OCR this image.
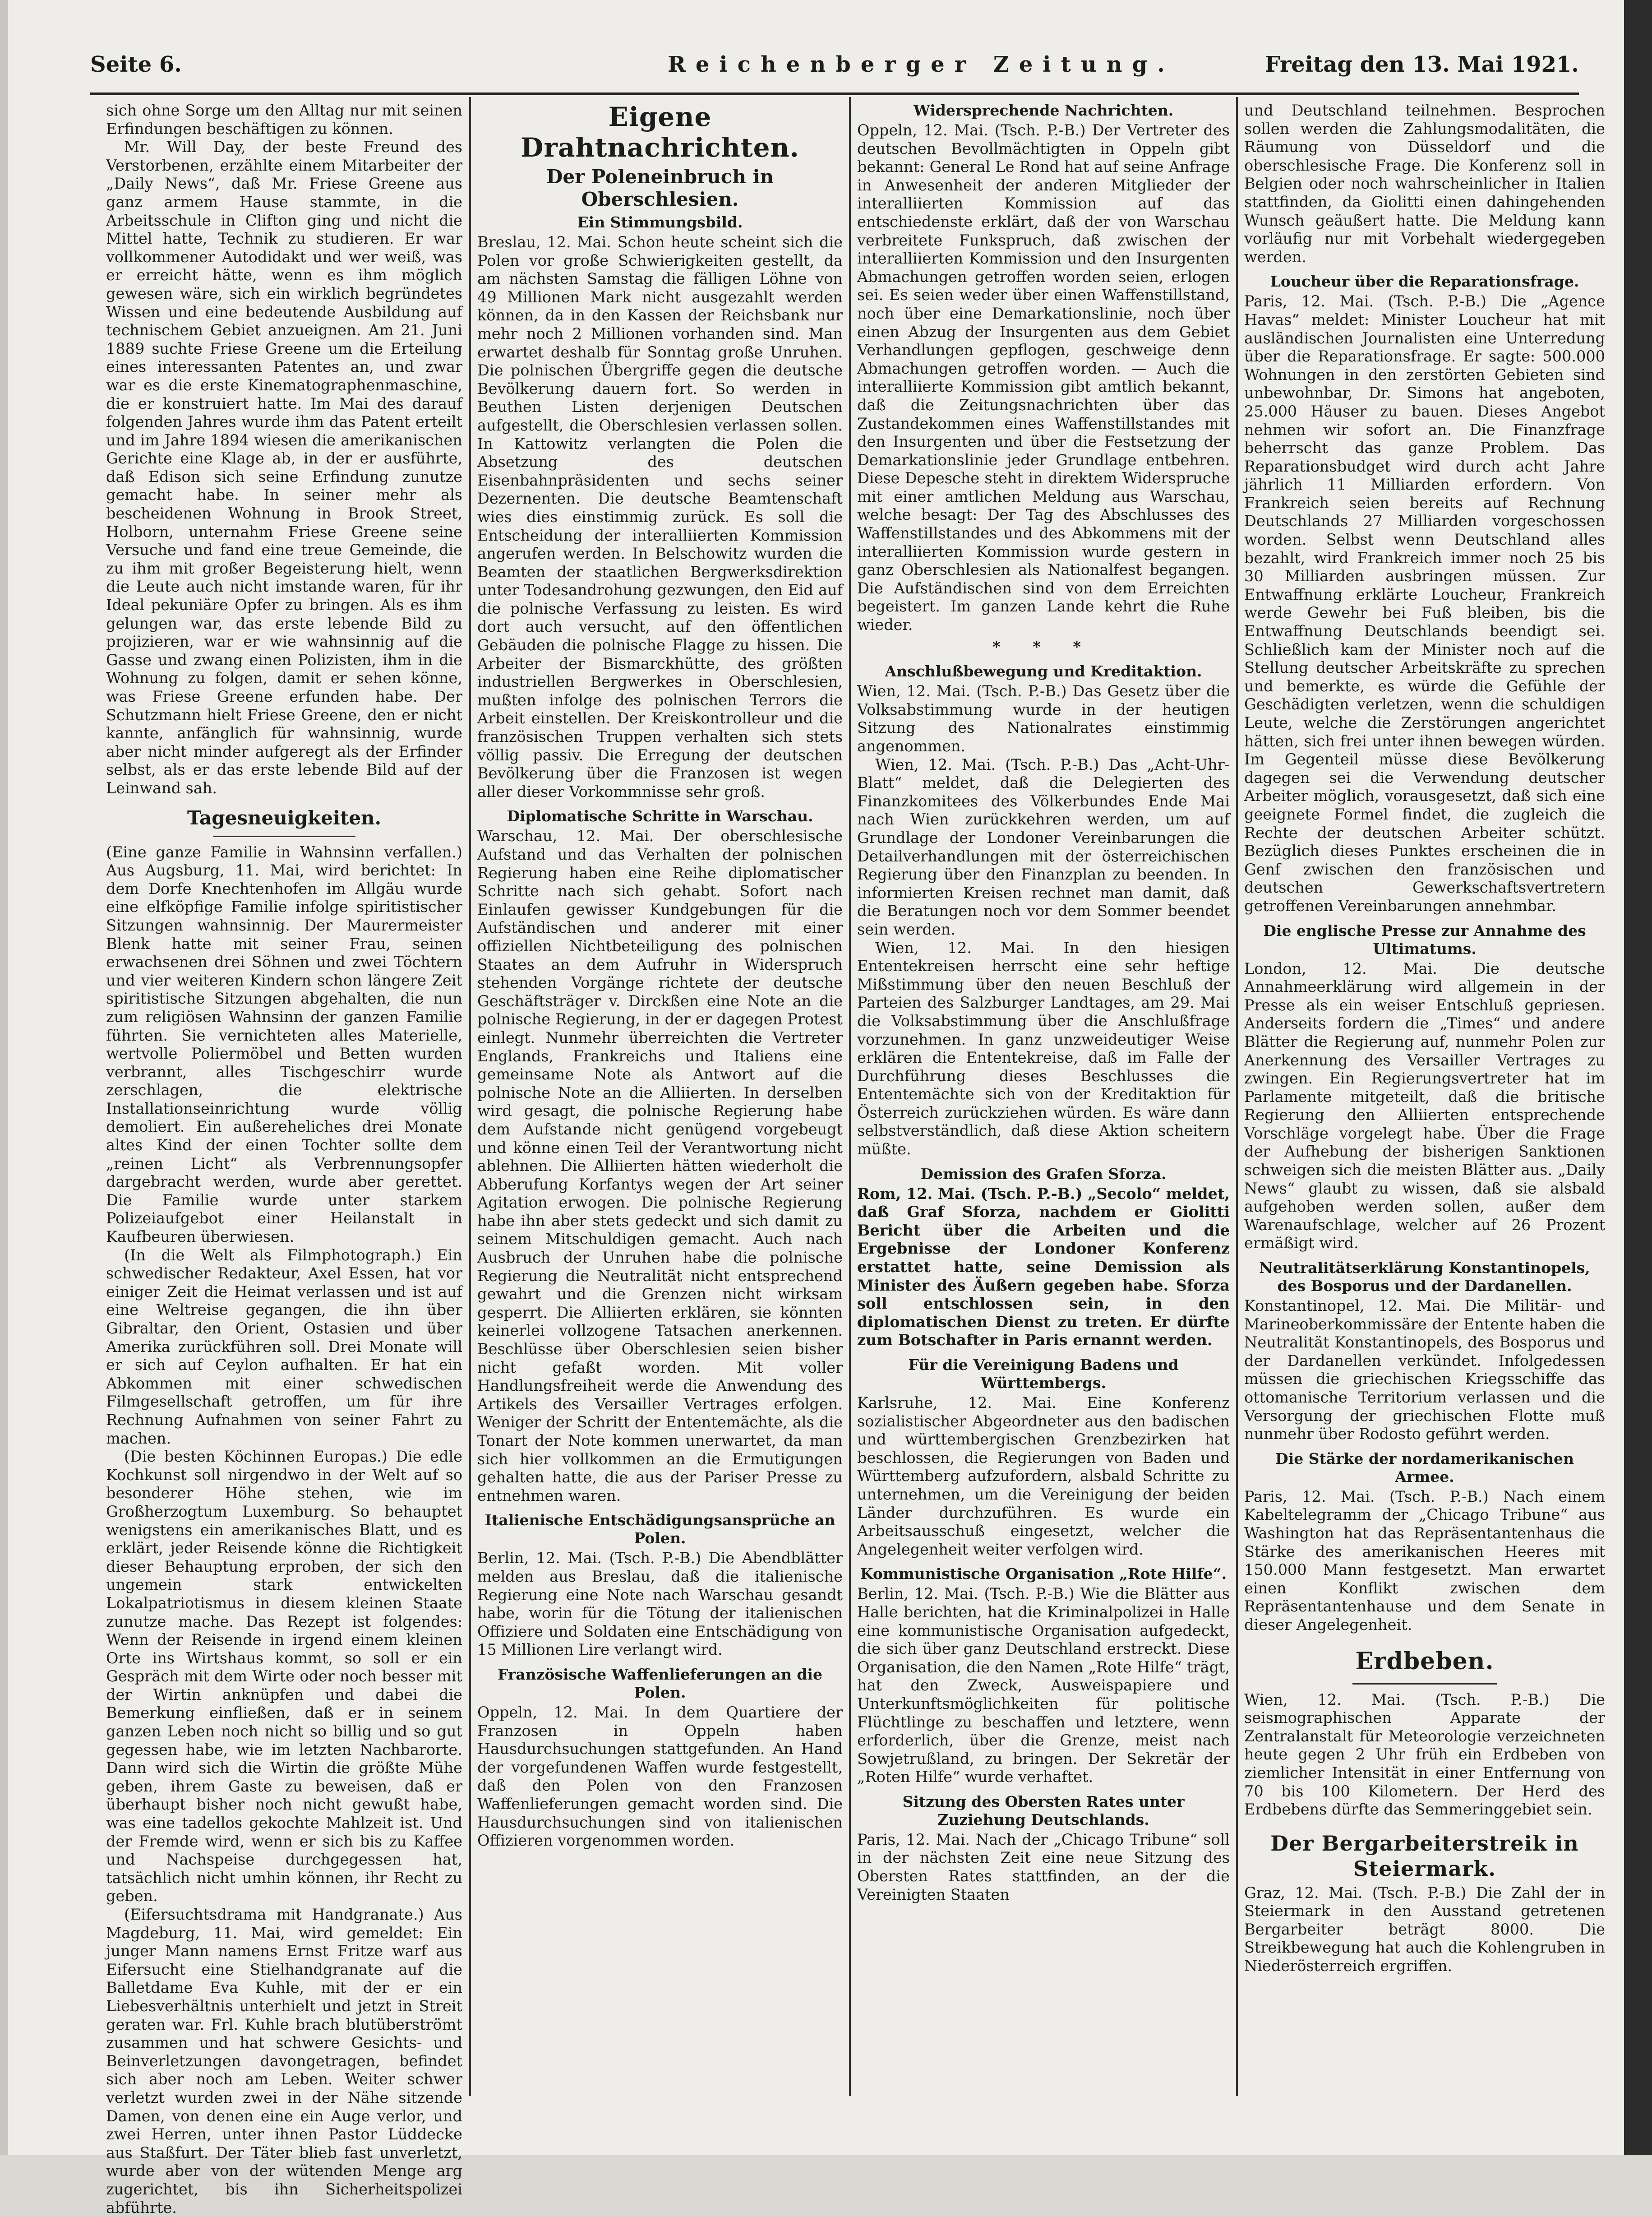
Seite 6.	Reichenberger Zeitung.	Freitag den 13. Mai 1921.

sich ohne Sorge um den Alltag nur mit seinen Erfindungen beschäftigen zu können.

Mr. Will Day, der beste Freund des Verstorbenen, erzählte einem Mitarbeiter der „Daily News“, daß Mr. Friese Greene aus ganz armem Hause stammte, in die Arbeitsschule in Clifton ging und nicht die Mittel hatte, Technik zu studieren. Er war vollkommener Autodidakt und wer weiß, was er erreicht hätte, wenn es ihm möglich gewesen wäre, sich ein wirklich begründetes Wissen und eine bedeutende Ausbildung auf technischem Gebiet anzueignen. Am 21. Juni 1889 suchte Friese Greene um die Erteilung eines interessanten Patentes an, und zwar war es die erste Kinematographenmaschine, die er konstruiert hatte. Im Mai des darauf folgenden Jahres wurde ihm das Patent erteilt und im Jahre 1894 wiesen die amerikanischen Gerichte eine Klage ab, in der er ausführte, daß Edison sich seine Erfindung zunutze gemacht habe. In seiner mehr als bescheidenen Wohnung in Brook Street, Holborn, unternahm Friese Greene seine Versuche und fand eine treue Gemeinde, die zu ihm mit großer Begeisterung hielt, wenn die Leute auch nicht imstande waren, für ihr Ideal pekuniäre Opfer zu bringen. Als es ihm gelungen war, das erste lebende Bild zu projizieren, war er wie wahnsinnig auf die Gasse und zwang einen Polizisten, ihm in die Wohnung zu folgen, damit er sehen könne, was Friese Greene erfunden habe. Der Schutzmann hielt Friese Greene, den er nicht kannte, anfänglich für wahnsinnig, wurde aber nicht minder aufgeregt als der Erfinder selbst, als er das erste lebende Bild auf der Leinwand sah.

Tagesneuigkeiten.

(Eine ganze Familie in Wahnsinn verfallen.) Aus Augsburg, 11. Mai, wird berichtet: In dem Dorfe Knechtenhofen im Allgäu wurde eine elfköpfige Familie infolge spiritistischer Sitzungen wahnsinnig. Der Maurermeister Blenk hatte mit seiner Frau, seinen erwachsenen drei Söhnen und zwei Töchtern und vier weiteren Kindern schon längere Zeit spiritistische Sitzungen abgehalten, die nun zum religiösen Wahnsinn der ganzen Familie führten. Sie vernichteten alles Materielle, wertvolle Poliermöbel und Betten wurden verbrannt, alles Tischgeschirr wurde zerschlagen, die elektrische Installationseinrichtung wurde völlig demoliert. Ein außereheliches drei Monate altes Kind der einen Tochter sollte dem „reinen Licht“ als Verbrennungsopfer dargebracht werden, wurde aber gerettet. Die Familie wurde unter starkem Polizeiaufgebot einer Heilanstalt in Kaufbeuren überwiesen.

(In die Welt als Filmphotograph.) Ein schwedischer Redakteur, Axel Essen, hat vor einiger Zeit die Heimat verlassen und ist auf eine Weltreise gegangen, die ihn über Gibraltar, den Orient, Ostasien und über Amerika zurückführen soll. Drei Monate will er sich auf Ceylon aufhalten. Er hat ein Abkommen mit einer schwedischen Filmgesellschaft getroffen, um für ihre Rechnung Aufnahmen von seiner Fahrt zu machen.

(Die besten Köchinnen Europas.) Die edle Kochkunst soll nirgendwo in der Welt auf so besonderer Höhe stehen, wie im Großherzogtum Luxemburg. So behauptet wenigstens ein amerikanisches Blatt, und es erklärt, jeder Reisende könne die Richtigkeit dieser Behauptung erproben, der sich den ungemein stark entwickelten Lokalpatriotismus in diesem kleinen Staate zunutze mache. Das Rezept ist folgendes: Wenn der Reisende in irgend einem kleinen Orte ins Wirtshaus kommt, so soll er ein Gespräch mit dem Wirte oder noch besser mit der Wirtin anknüpfen und dabei die Bemerkung einfließen, daß er in seinem ganzen Leben noch nicht so billig und so gut gegessen habe, wie im letzten Nachbarorte. Dann wird sich die Wirtin die größte Mühe geben, ihrem Gaste zu beweisen, daß er überhaupt bisher noch nicht gewußt habe, was eine tadellos gekochte Mahlzeit ist. Und der Fremde wird, wenn er sich bis zu Kaffee und Nachspeise durchgegessen hat, tatsächlich nicht umhin können, ihr Recht zu geben.

(Eifersuchtsdrama mit Handgranate.) Aus Magdeburg, 11. Mai, wird gemeldet: Ein junger Mann namens Ernst Fritze warf aus Eifersucht eine Stielhandgranate auf die Balletdame Eva Kuhle, mit der er ein Liebesverhältnis unterhielt und jetzt in Streit geraten war. Frl. Kuhle brach blutüberströmt zusammen und hat schwere Gesichts- und Beinverletzungen davongetragen, befindet sich aber noch am Leben. Weiter schwer verletzt wurden zwei in der Nähe sitzende Damen, von denen eine ein Auge verlor, und zwei Herren, unter ihnen Pastor Lüddecke aus Staßfurt. Der Täter blieb fast unverletzt, wurde aber von der wütenden Menge arg zugerichtet, bis ihn Sicherheitspolizei abführte.

Eigene Drahtnachrichten.
Der Poleneinbruch in Oberschlesien.
Ein Stimmungsbild.

Breslau, 12. Mai. Schon heute scheint sich die Polen vor große Schwierigkeiten gestellt, da am nächsten Samstag die fälligen Löhne von 49 Millionen Mark nicht ausgezahlt werden können, da in den Kassen der Reichsbank nur mehr noch 2 Millionen vorhanden sind. Man erwartet deshalb für Sonntag große Unruhen. Die polnischen Übergriffe gegen die deutsche Bevölkerung dauern fort. So werden in Beuthen Listen derjenigen Deutschen aufgestellt, die Oberschlesien verlassen sollen. In Kattowitz verlangten die Polen die Absetzung des deutschen Eisenbahnpräsidenten und sechs seiner Dezernenten. Die deutsche Beamtenschaft wies dies einstimmig zurück. Es soll die Entscheidung der interalliierten Kommission angerufen werden. In Belschowitz wurden die Beamten der staatlichen Bergwerksdirektion unter Todesandrohung gezwungen, den Eid auf die polnische Verfassung zu leisten. Es wird dort auch versucht, auf den öffentlichen Gebäuden die polnische Flagge zu hissen. Die Arbeiter der Bismarckhütte, des größten industriellen Bergwerkes in Oberschlesien, mußten infolge des polnischen Terrors die Arbeit einstellen. Der Kreiskontrolleur und die französischen Truppen verhalten sich stets völlig passiv. Die Erregung der deutschen Bevölkerung über die Franzosen ist wegen aller dieser Vorkommnisse sehr groß.

Diplomatische Schritte in Warschau.

Warschau, 12. Mai. Der oberschlesische Aufstand und das Verhalten der polnischen Regierung haben eine Reihe diplomatischer Schritte nach sich gehabt. Sofort nach Einlaufen gewisser Kundgebungen für die Aufständischen und anderer mit einer offiziellen Nichtbeteiligung des polnischen Staates an dem Aufruhr in Widerspruch stehenden Vorgänge richtete der deutsche Geschäftsträger v. Dirckßen eine Note an die polnische Regierung, in der er dagegen Protest einlegt. Nunmehr überreichten die Vertreter Englands, Frankreichs und Italiens eine gemeinsame Note als Antwort auf die polnische Note an die Alliierten. In derselben wird gesagt, die polnische Regierung habe dem Aufstande nicht genügend vorgebeugt und könne einen Teil der Verantwortung nicht ablehnen. Die Alliierten hätten wiederholt die Abberufung Korfantys wegen der Art seiner Agitation erwogen. Die polnische Regierung habe ihn aber stets gedeckt und sich damit zu seinem Mitschuldigen gemacht. Auch nach Ausbruch der Unruhen habe die polnische Regierung die Neutralität nicht entsprechend gewahrt und die Grenzen nicht wirksam gesperrt. Die Alliierten erklären, sie könnten keinerlei vollzogene Tatsachen anerkennen. Beschlüsse über Oberschlesien seien bisher nicht gefaßt worden. Mit voller Handlungsfreiheit werde die Anwendung des Artikels des Versailler Vertrages erfolgen. Weniger der Schritt der Ententemächte, als die Tonart der Note kommen unerwartet, da man sich hier vollkommen an die Ermutigungen gehalten hatte, die aus der Pariser Presse zu entnehmen waren.

Italienische Entschädigungsansprüche an Polen.

Berlin, 12. Mai. (Tsch. P.-B.) Die Abendblätter melden aus Breslau, daß die italienische Regierung eine Note nach Warschau gesandt habe, worin für die Tötung der italienischen Offiziere und Soldaten eine Entschädigung von 15 Millionen Lire verlangt wird.

Französische Waffenlieferungen an die Polen.

Oppeln, 12. Mai. In dem Quartiere der Franzosen in Oppeln haben Hausdurchsuchungen stattgefunden. An Hand der vorgefundenen Waffen wurde festgestellt, daß den Polen von den Franzosen Waffenlieferungen gemacht worden sind. Die Hausdurchsuchungen sind von italienischen Offizieren vorgenommen worden.

Widersprechende Nachrichten.

Oppeln, 12. Mai. (Tsch. P.-B.) Der Vertreter des deutschen Bevollmächtigten in Oppeln gibt bekannt: General Le Rond hat auf seine Anfrage in Anwesenheit der anderen Mitglieder der interalliierten Kommission auf das entschiedenste erklärt, daß der von Warschau verbreitete Funkspruch, daß zwischen der interalliierten Kommission und den Insurgenten Abmachungen getroffen worden seien, erlogen sei. Es seien weder über einen Waffenstillstand, noch über eine Demarkationslinie, noch über einen Abzug der Insurgenten aus dem Gebiet Verhandlungen gepflogen, geschweige denn Abmachungen getroffen worden. — Auch die interalliierte Kommission gibt amtlich bekannt, daß die Zeitungsnachrichten über das Zustandekommen eines Waffenstillstandes mit den Insurgenten und über die Festsetzung der Demarkationslinie jeder Grundlage entbehren. Diese Depesche steht in direktem Widerspruche mit einer amtlichen Meldung aus Warschau, welche besagt: Der Tag des Abschlusses des Waffenstillstandes und des Abkommens mit der interalliierten Kommission wurde gestern in ganz Oberschlesien als Nationalfest begangen. Die Aufständischen sind von dem Erreichten begeistert. Im ganzen Lande kehrt die Ruhe wieder.

* * *
Anschlußbewegung und Kreditaktion.

Wien, 12. Mai. (Tsch. P.-B.) Das Gesetz über die Volksabstimmung wurde in der heutigen Sitzung des Nationalrates einstimmig angenommen.

Wien, 12. Mai. (Tsch. P.-B.) Das „Acht-Uhr-Blatt“ meldet, daß die Delegierten des Finanzkomitees des Völkerbundes Ende Mai nach Wien zurückkehren werden, um auf Grundlage der Londoner Vereinbarungen die Detailverhandlungen mit der österreichischen Regierung über den Finanzplan zu beenden. In informierten Kreisen rechnet man damit, daß die Beratungen noch vor dem Sommer beendet sein werden.

Wien, 12. Mai. In den hiesigen Ententekreisen herrscht eine sehr heftige Mißstimmung über den neuen Beschluß der Parteien des Salzburger Landtages, am 29. Mai die Volksabstimmung über die Anschlußfrage vorzunehmen. In ganz unzweideutiger Weise erklären die Ententekreise, daß im Falle der Durchführung dieses Beschlusses die Ententemächte sich von der Kreditaktion für Österreich zurückziehen würden. Es wäre dann selbstverständlich, daß diese Aktion scheitern müßte.

Demission des Grafen Sforza.

Rom, 12. Mai. (Tsch. P.-B.) „Secolo“ meldet, daß Graf Sforza, nachdem er Giolitti Bericht über die Arbeiten und die Ergebnisse der Londoner Konferenz erstattet hatte, seine Demission als Minister des Äußern gegeben habe. Sforza soll entschlossen sein, in den diplomatischen Dienst zu treten. Er dürfte zum Botschafter in Paris ernannt werden.

Für die Vereinigung Badens und Württembergs.

Karlsruhe, 12. Mai. Eine Konferenz sozialistischer Abgeordneter aus den badischen und württembergischen Grenzbezirken hat beschlossen, die Regierungen von Baden und Württemberg aufzufordern, alsbald Schritte zu unternehmen, um die Vereinigung der beiden Länder durchzuführen. Es wurde ein Arbeitsausschuß eingesetzt, welcher die Angelegenheit weiter verfolgen wird.

Kommunistische Organisation „Rote Hilfe“.

Berlin, 12. Mai. (Tsch. P.-B.) Wie die Blätter aus Halle berichten, hat die Kriminalpolizei in Halle eine kommunistische Organisation aufgedeckt, die sich über ganz Deutschland erstreckt. Diese Organisation, die den Namen „Rote Hilfe“ trägt, hat den Zweck, Ausweispapiere und Unterkunftsmöglichkeiten für politische Flüchtlinge zu beschaffen und letztere, wenn erforderlich, über die Grenze, meist nach Sowjetrußland, zu bringen. Der Sekretär der „Roten Hilfe“ wurde verhaftet.

Sitzung des Obersten Rates unter Zuziehung Deutschlands.

Paris, 12. Mai. Nach der „Chicago Tribune“ soll in der nächsten Zeit eine neue Sitzung des Obersten Rates stattfinden, an der die Vereinigten Staaten

und Deutschland teilnehmen. Besprochen sollen werden die Zahlungsmodalitäten, die Räumung von Düsseldorf und die oberschlesische Frage. Die Konferenz soll in Belgien oder noch wahrscheinlicher in Italien stattfinden, da Giolitti einen dahingehenden Wunsch geäußert hatte. Die Meldung kann vorläufig nur mit Vorbehalt wiedergegeben werden.

Loucheur über die Reparationsfrage.

Paris, 12. Mai. (Tsch. P.-B.) Die „Agence Havas“ meldet: Minister Loucheur hat mit ausländischen Journalisten eine Unterredung über die Reparationsfrage. Er sagte: 500.000 Wohnungen in den zerstörten Gebieten sind unbewohnbar, Dr. Simons hat angeboten, 25.000 Häuser zu bauen. Dieses Angebot nehmen wir sofort an. Die Finanzfrage beherrscht das ganze Problem. Das Reparationsbudget wird durch acht Jahre jährlich 11 Milliarden erfordern. Von Frankreich seien bereits auf Rechnung Deutschlands 27 Milliarden vorgeschossen worden. Selbst wenn Deutschland alles bezahlt, wird Frankreich immer noch 25 bis 30 Milliarden ausbringen müssen. Zur Entwaffnung erklärte Loucheur, Frankreich werde Gewehr bei Fuß bleiben, bis die Entwaffnung Deutschlands beendigt sei. Schließlich kam der Minister noch auf die Stellung deutscher Arbeitskräfte zu sprechen und bemerkte, es würde die Gefühle der Geschädigten verletzen, wenn die schuldigen Leute, welche die Zerstörungen angerichtet hätten, sich frei unter ihnen bewegen würden. Im Gegenteil müsse diese Bevölkerung dagegen sei die Verwendung deutscher Arbeiter möglich, vorausgesetzt, daß sich eine geeignete Formel findet, die zugleich die Rechte der deutschen Arbeiter schützt. Bezüglich dieses Punktes erscheinen die in Genf zwischen den französischen und deutschen Gewerkschaftsvertretern getroffenen Vereinbarungen annehmbar.

Die englische Presse zur Annahme des Ultimatums.

London, 12. Mai. Die deutsche Annahmeerklärung wird allgemein in der Presse als ein weiser Entschluß gepriesen. Anderseits fordern die „Times“ und andere Blätter die Regierung auf, nunmehr Polen zur Anerkennung des Versailler Vertrages zu zwingen. Ein Regierungsvertreter hat im Parlamente mitgeteilt, daß die britische Regierung den Alliierten entsprechende Vorschläge vorgelegt habe. Über die Frage der Aufhebung der bisherigen Sanktionen schweigen sich die meisten Blätter aus. „Daily News“ glaubt zu wissen, daß sie alsbald aufgehoben werden sollen, außer dem Warenaufschlage, welcher auf 26 Prozent ermäßigt wird.

Neutralitätserklärung Konstantinopels, des Bosporus und der Dardanellen.

Konstantinopel, 12. Mai. Die Militär- und Marineoberkommissäre der Entente haben die Neutralität Konstantinopels, des Bosporus und der Dardanellen verkündet. Infolgedessen müssen die griechischen Kriegsschiffe das ottomanische Territorium verlassen und die Versorgung der griechischen Flotte muß nunmehr über Rodosto geführt werden.

Die Stärke der nordamerikanischen Armee.

Paris, 12. Mai. (Tsch. P.-B.) Nach einem Kabeltelegramm der „Chicago Tribune“ aus Washington hat das Repräsentantenhaus die Stärke des amerikanischen Heeres mit 150.000 Mann festgesetzt. Man erwartet einen Konflikt zwischen dem Repräsentantenhause und dem Senate in dieser Angelegenheit.

Erdbeben.

Wien, 12. Mai. (Tsch. P.-B.) Die seismographischen Apparate der Zentralanstalt für Meteorologie verzeichneten heute gegen 2 Uhr früh ein Erdbeben von ziemlicher Intensität in einer Entfernung von 70 bis 100 Kilometern. Der Herd des Erdbebens dürfte das Semmeringgebiet sein.

Der Bergarbeiterstreik in Steiermark.

Graz, 12. Mai. (Tsch. P.-B.) Die Zahl der in Steiermark in den Ausstand getretenen Bergarbeiter beträgt 8000. Die Streikbewegung hat auch die Kohlengruben in Niederösterreich ergriffen.
